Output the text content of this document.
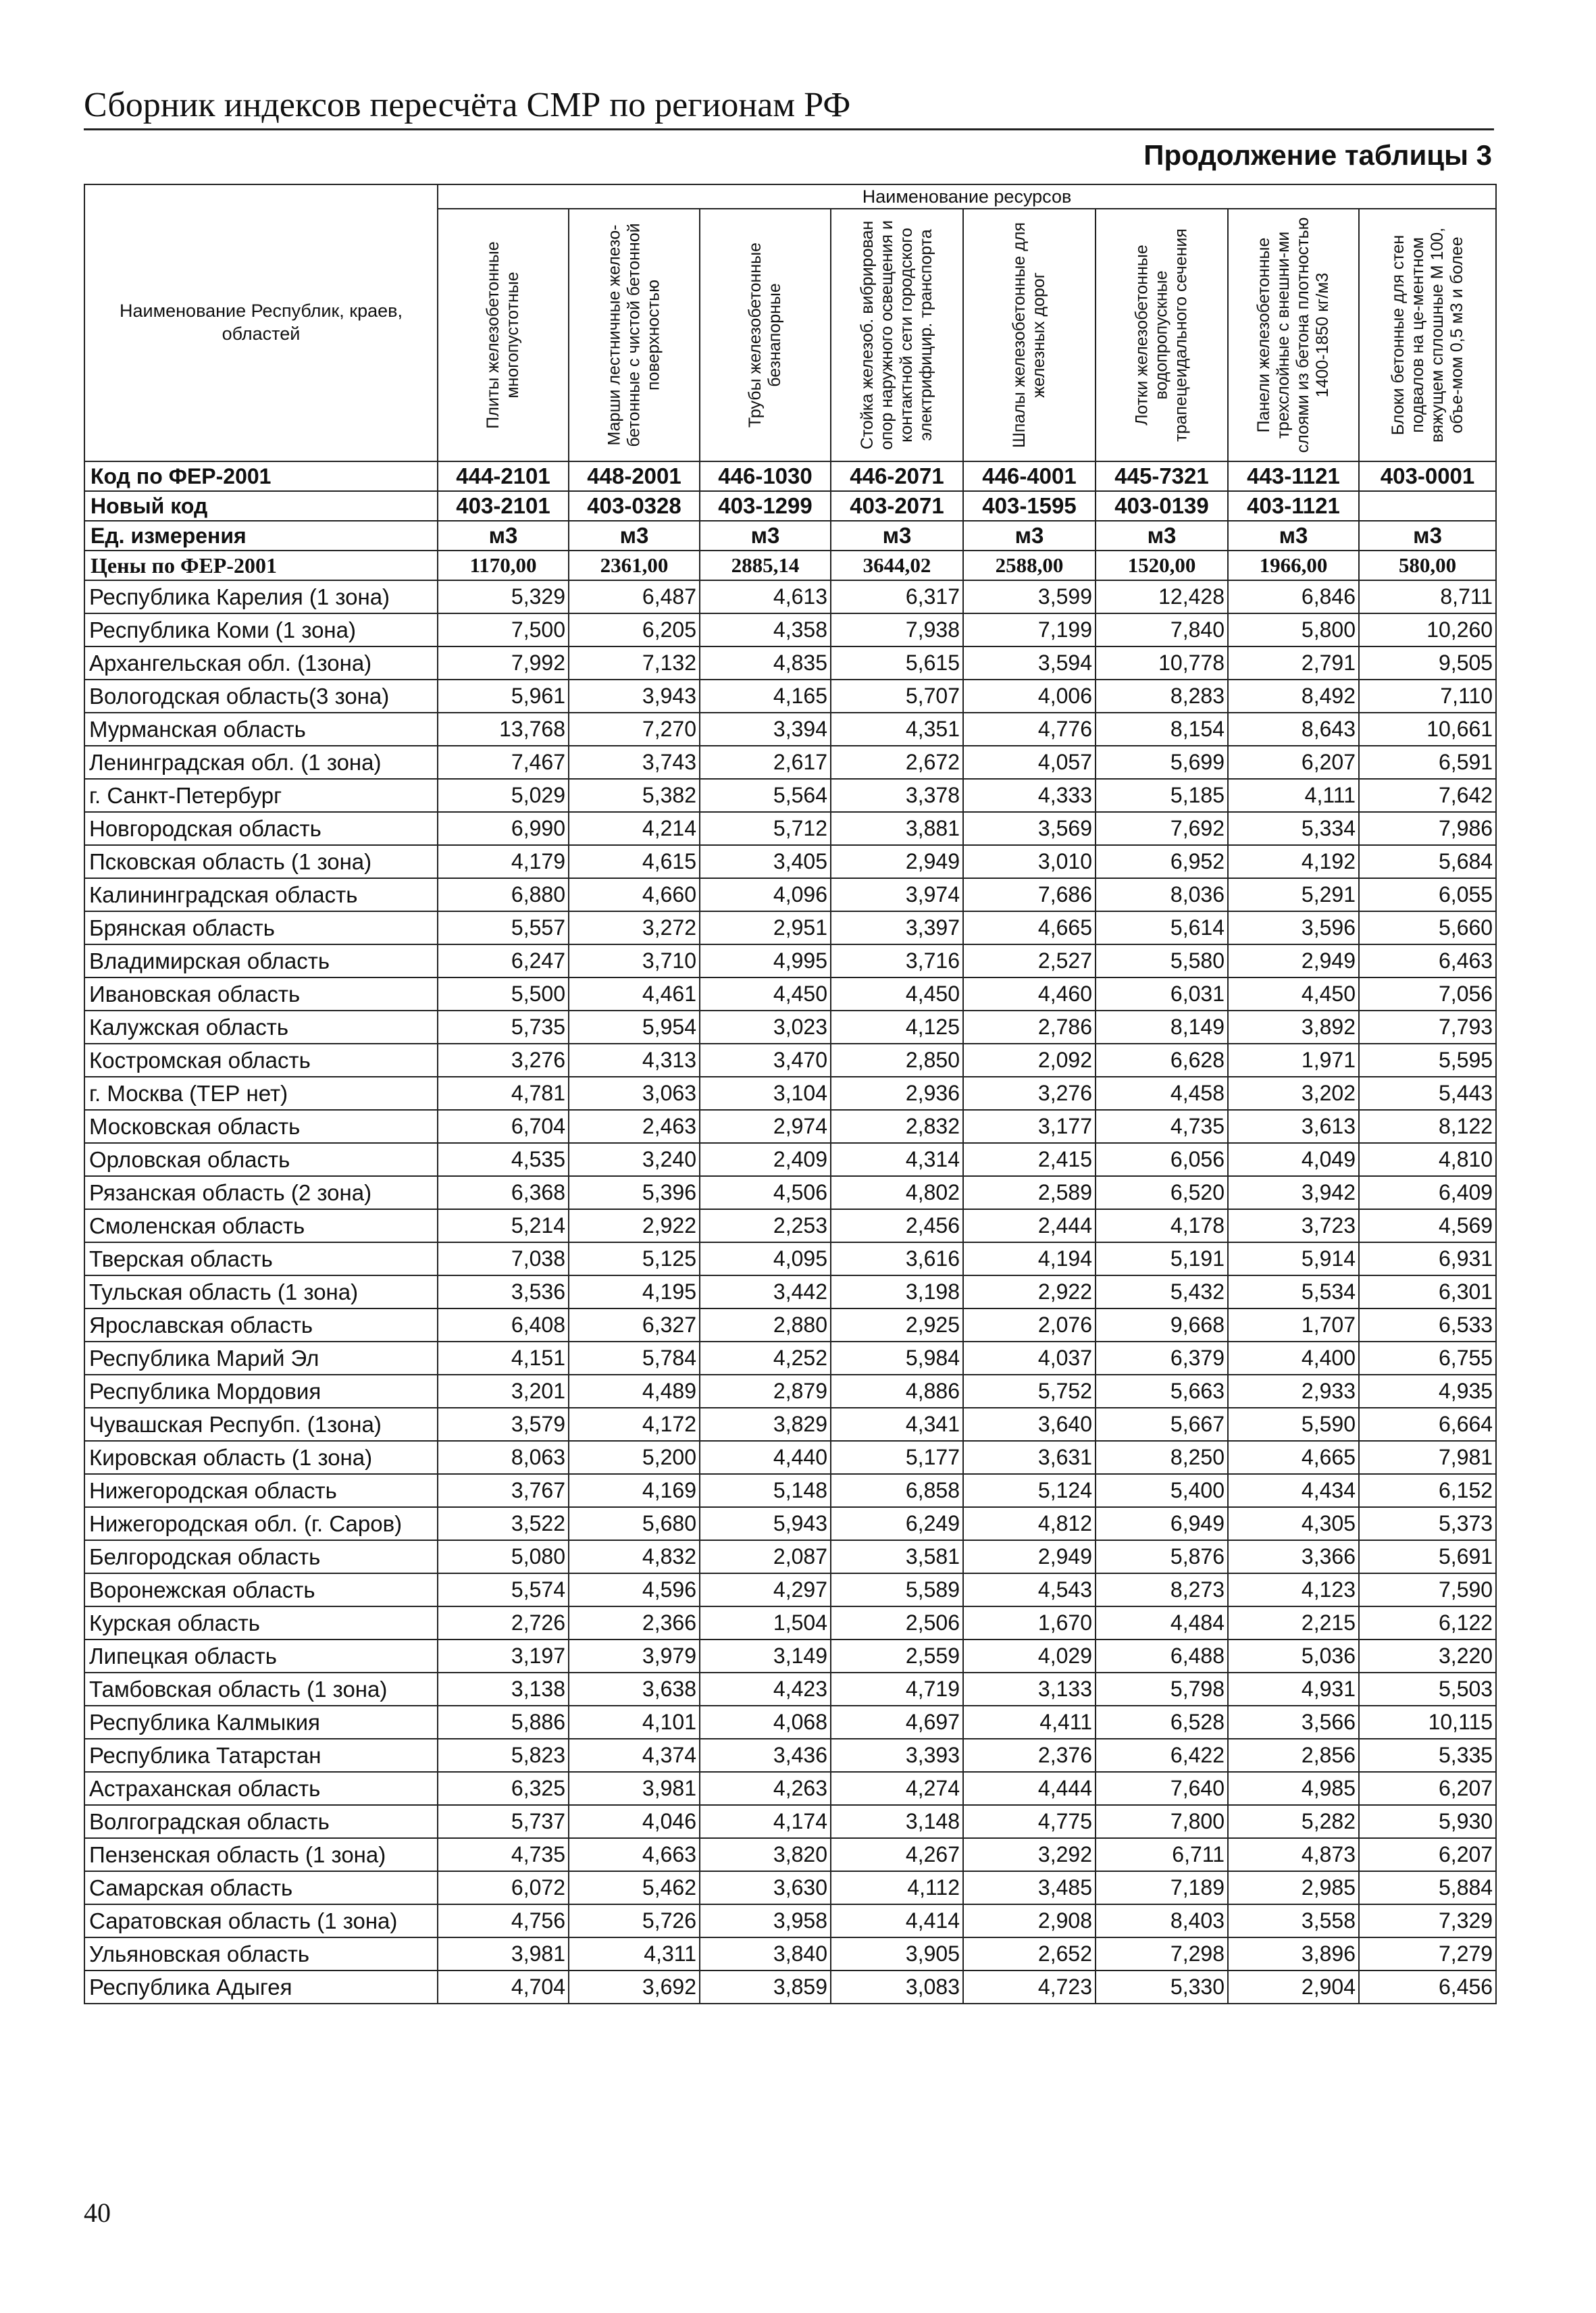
Сборник индексов пересчёта СМР по регионам РФ
Продолжение таблицы 3
Наименование Республик, краев, областей	Наименование ресурсов							

	Плиты железобетонные многопустотные	Марши лестничные железо-бетонные с чистой бетонной поверхностью	Трубы железобетонные безнапорные	Стойка железоб. вибрирован опор наружного освещения и контактной сети городского электрифицир. транспорта	Шпалы железобетонные для железных дорог	Лотки железобетонные водопропускные трапецеидального сечения	Панели железобетонные трехслойные с внешни-ми слоями из бетона плотностью 1400-1850 кг/м3	Блоки бетонные для стен подвалов на це-ментном вяжущем сплошные М 100, объе-мом 0,5 м3 и более

Код по ФЕР-2001	444-2101	448-2001	446-1030	446-2071	446-4001	445-7321	443-1121	403-0001
Новый код	403-2101	403-0328	403-1299	403-2071	403-1595	403-0139	403-1121	
Ед. измерения	м3	м3	м3	м3	м3	м3	м3	м3
Цены по ФЕР-2001	1170,00	2361,00	2885,14	3644,02	2588,00	1520,00	1966,00	580,00
Республика Карелия (1 зона)	5,329	6,487	4,613	6,317	3,599	12,428	6,846	8,711
Республика Коми (1 зона)	7,500	6,205	4,358	7,938	7,199	7,840	5,800	10,260
Архангельская обл. (1зона)	7,992	7,132	4,835	5,615	3,594	10,778	2,791	9,505
Вологодская область(3 зона)	5,961	3,943	4,165	5,707	4,006	8,283	8,492	7,110
Мурманская область	13,768	7,270	3,394	4,351	4,776	8,154	8,643	10,661
Ленинградская обл. (1 зона)	7,467	3,743	2,617	2,672	4,057	5,699	6,207	6,591
г. Санкт-Петербург	5,029	5,382	5,564	3,378	4,333	5,185	4,111	7,642
Новгородская область	6,990	4,214	5,712	3,881	3,569	7,692	5,334	7,986
Псковская область (1 зона)	4,179	4,615	3,405	2,949	3,010	6,952	4,192	5,684
Калининградская область	6,880	4,660	4,096	3,974	7,686	8,036	5,291	6,055
Брянская область	5,557	3,272	2,951	3,397	4,665	5,614	3,596	5,660
Владимирская область	6,247	3,710	4,995	3,716	2,527	5,580	2,949	6,463
Ивановская область	5,500	4,461	4,450	4,450	4,460	6,031	4,450	7,056
Калужская область	5,735	5,954	3,023	4,125	2,786	8,149	3,892	7,793
Костромская область	3,276	4,313	3,470	2,850	2,092	6,628	1,971	5,595
г. Москва (ТЕР нет)	4,781	3,063	3,104	2,936	3,276	4,458	3,202	5,443
Московская область	6,704	2,463	2,974	2,832	3,177	4,735	3,613	8,122
Орловская область	4,535	3,240	2,409	4,314	2,415	6,056	4,049	4,810
Рязанская область (2 зона)	6,368	5,396	4,506	4,802	2,589	6,520	3,942	6,409
Смоленская область	5,214	2,922	2,253	2,456	2,444	4,178	3,723	4,569
Тверская область	7,038	5,125	4,095	3,616	4,194	5,191	5,914	6,931
Тульская область (1 зона)	3,536	4,195	3,442	3,198	2,922	5,432	5,534	6,301
Ярославская область	6,408	6,327	2,880	2,925	2,076	9,668	1,707	6,533
Республика Марий Эл	4,151	5,784	4,252	5,984	4,037	6,379	4,400	6,755
Республика Мордовия	3,201	4,489	2,879	4,886	5,752	5,663	2,933	4,935
Чувашская Респубп. (1зона)	3,579	4,172	3,829	4,341	3,640	5,667	5,590	6,664
Кировская область (1 зона)	8,063	5,200	4,440	5,177	3,631	8,250	4,665	7,981
Нижегородская область	3,767	4,169	5,148	6,858	5,124	5,400	4,434	6,152
Нижегородская обл. (г. Саров)	3,522	5,680	5,943	6,249	4,812	6,949	4,305	5,373
Белгородская область	5,080	4,832	2,087	3,581	2,949	5,876	3,366	5,691
Воронежская область	5,574	4,596	4,297	5,589	4,543	8,273	4,123	7,590
Курская область	2,726	2,366	1,504	2,506	1,670	4,484	2,215	6,122
Липецкая область	3,197	3,979	3,149	2,559	4,029	6,488	5,036	3,220
Тамбовская область (1 зона)	3,138	3,638	4,423	4,719	3,133	5,798	4,931	5,503
Республика Калмыкия	5,886	4,101	4,068	4,697	4,411	6,528	3,566	10,115
Республика Татарстан	5,823	4,374	3,436	3,393	2,376	6,422	2,856	5,335
Астраханская область	6,325	3,981	4,263	4,274	4,444	7,640	4,985	6,207
Волгоградская область	5,737	4,046	4,174	3,148	4,775	7,800	5,282	5,930
Пензенская область (1 зона)	4,735	4,663	3,820	4,267	3,292	6,711	4,873	6,207
Самарская область	6,072	5,462	3,630	4,112	3,485	7,189	2,985	5,884
Саратовская область (1 зона)	4,756	5,726	3,958	4,414	2,908	8,403	3,558	7,329
Ульяновская область	3,981	4,311	3,840	3,905	2,652	7,298	3,896	7,279
Республика Адыгея	4,704	3,692	3,859	3,083	4,723	5,330	2,904	6,456
40
